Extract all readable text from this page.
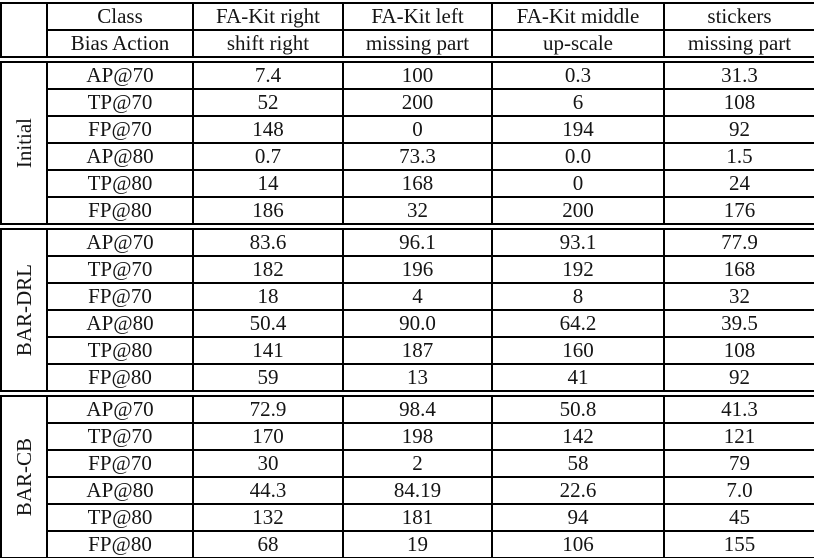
	Class	FA-Kit right	FA-Kit left	FA-Kit middle	stickers
	Bias Action	shift right	missing part	up-scale	missing part
Initial	AP@70	7.4	100	0.3	31.3
	TP@70	52	200	6	108
	FP@70	148	0	194	92
	AP@80	0.7	73.3	0.0	1.5
	TP@80	14	168	0	24
	FP@80	186	32	200	176
BAR-DRL	AP@70	83.6	96.1	93.1	77.9
	TP@70	182	196	192	168
	FP@70	18	4	8	32
	AP@80	50.4	90.0	64.2	39.5
	TP@80	141	187	160	108
	FP@80	59	13	41	92
BAR-CB	AP@70	72.9	98.4	50.8	41.3
	TP@70	170	198	142	121
	FP@70	30	2	58	79
	AP@80	44.3	84.19	22.6	7.0
	TP@80	132	181	94	45
	FP@80	68	19	106	155
